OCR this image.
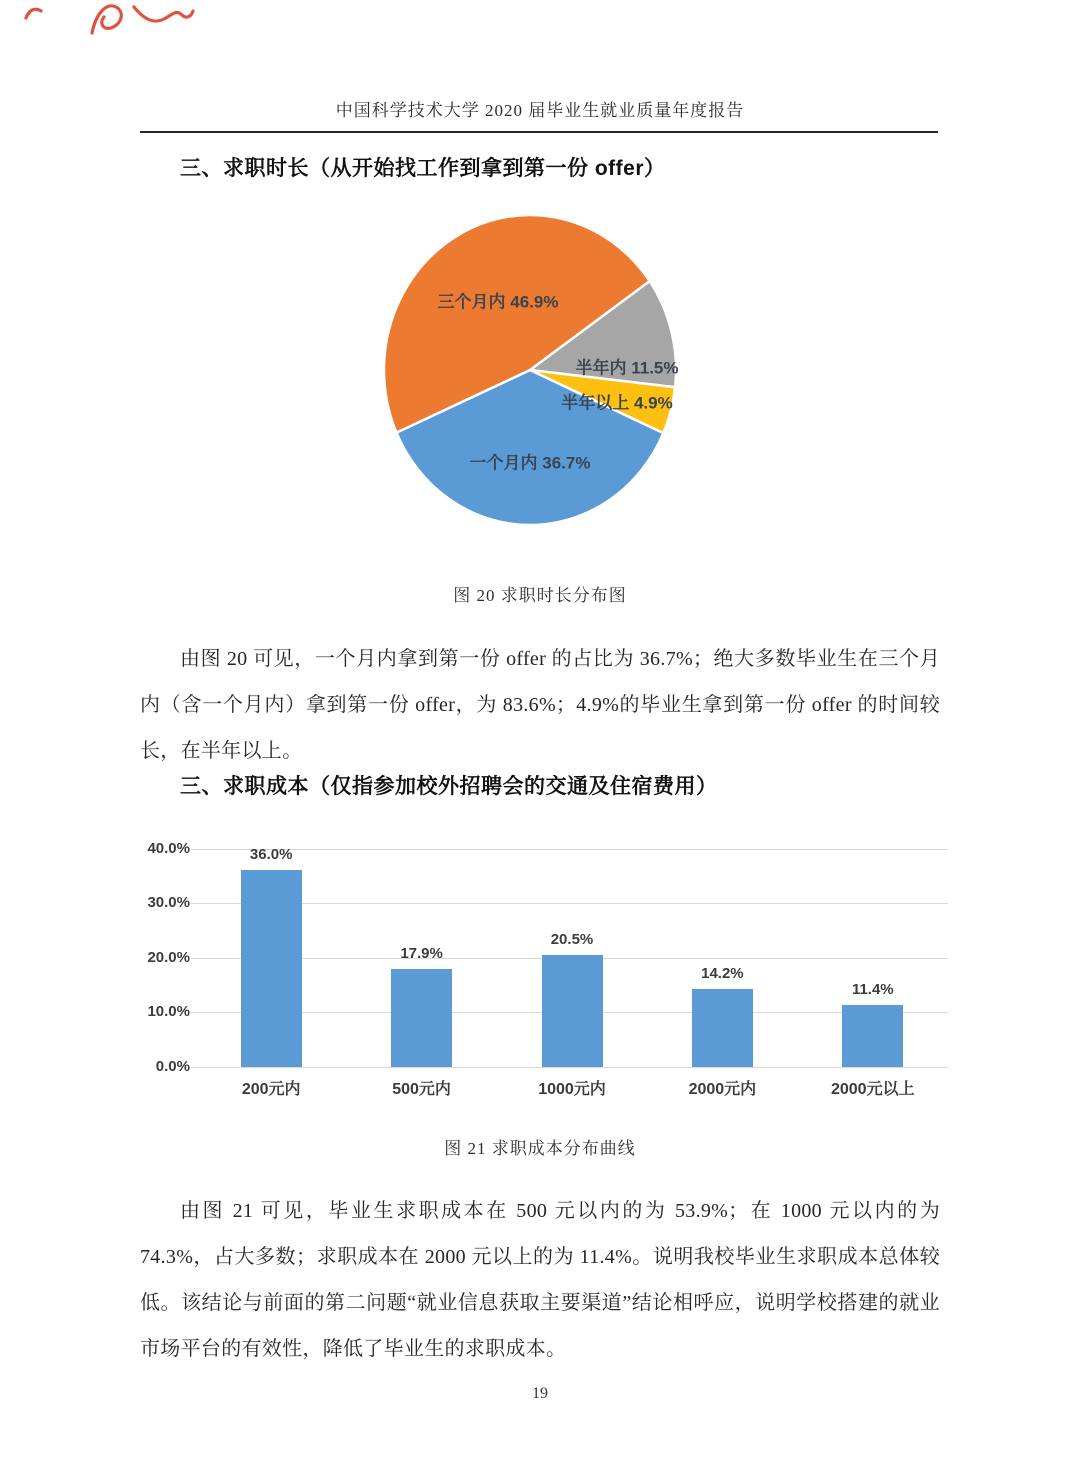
中国科学技术大学 2020 届毕业生就业质量年度报告
三、求职时长（从开始找工作到拿到第一份 offer）
半年内 11.5%
半年以上 4.9%
一个月内 36.7%
三个月内 46.9%
图 20 求职时长分布图

由图 20 可见，一个月内拿到第一份 offer 的占比为 36.7%；绝大多数毕业生在三个月内（含一个月内）拿到第一份 offer，为 83.6%；4.9%的毕业生拿到第一份 offer 的时间较长，在半年以上。

三、求职成本（仅指参加校外招聘会的交通及住宿费用）
0.0%
10.0%
20.0%
30.0%
40.0%	36.0%
200元内
17.9%
500元内
20.5%
1000元内
14.2%
2000元内
11.4%
2000元以上
图 21 求职成本分布曲线

由图 21 可见，毕业生求职成本在 500 元以内的为 53.9%；在 1000 元以内的为 74.3%，占大多数；求职成本在 2000 元以上的为 11.4%。说明我校毕业生求职成本总体较低。该结论与前面的第二问题“就业信息获取主要渠道”结论相呼应，说明学校搭建的就业市场平台的有效性，降低了毕业生的求职成本。

19
